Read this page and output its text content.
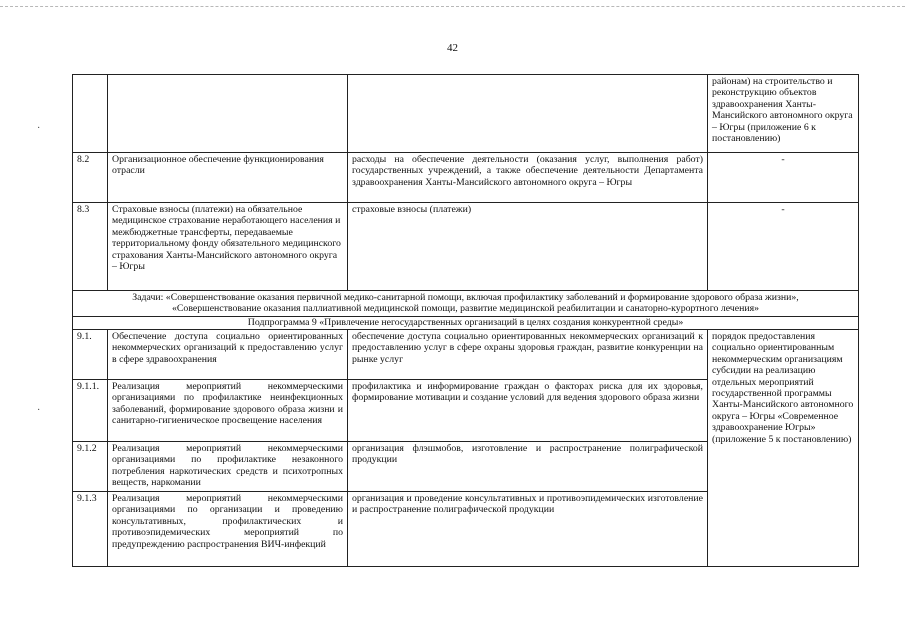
42
·
·
			районам) на строительство и реконструкцию объектов здравоохранения Ханты-Мансийского автономного округа – Югры (приложение 6 к постановлению)
8.2	Организационное обеспечение функционирования отрасли	расходы на обеспечение деятельности (оказания услуг, выполнения работ) государственных учреждений, а также обеспечение деятельности Департамента здравоохранения Ханты-Мансийского автономного округа – Югры	-
8.3	Страховые взносы (платежи) на обязательное медицинское страхование неработающего населения и межбюджетные трансферты, передаваемые территориальному фонду обязательного медицинского страхования Ханты-Мансийского автономного округа – Югры	страховые взносы (платежи)	-

Задачи: «Совершенствование оказания первичной медико-санитарной помощи, включая профилактику заболеваний и формирование здорового образа жизни»,
«Совершенствование оказания паллиативной медицинской помощи, развитие медицинской реабилитации и санаторно-курортного лечения»			

Подпрограмма 9 «Привлечение негосударственных организаций в целях создания конкурентной среды»			
9.1.	Обеспечение доступа социально ориентированных некоммерческих организаций к предоставлению услуг в сфере здравоохранения	обеспечение доступа социально ориентированных некоммерческих организаций к предоставлению услуг в сфере охраны здоровья граждан, развитие конкуренции на рынке услуг	порядок предоставления социально ориентированным некоммерческим организациям субсидии на реализацию отдельных мероприятий государственной программы Ханты-Мансийского автономного округа – Югры «Современное здравоохранение Югры» (приложение 5 к постановлению)
9.1.1.	Реализация мероприятий некоммерческими организациями по профилактике неинфекционных заболеваний, формирование здорового образа жизни и санитарно-гигиеническое просвещение населения	профилактика и информирование граждан о факторах риска для их здоровья, формирование мотивации и создание условий для ведения здорового образа жизни	
9.1.2	Реализация мероприятий некоммерческими организациями по профилактике незаконного потребления наркотических средств и психотропных веществ, наркомании	организация флэшмобов, изготовление и распространение полиграфической продукции	
9.1.3	Реализация мероприятий некоммерческими организациями по организации и проведению консультативных, профилактических и противоэпидемических мероприятий по предупреждению распространения ВИЧ-инфекций	организация и проведение консультативных и противоэпидемических изготовление и распространение полиграфической продукции	
